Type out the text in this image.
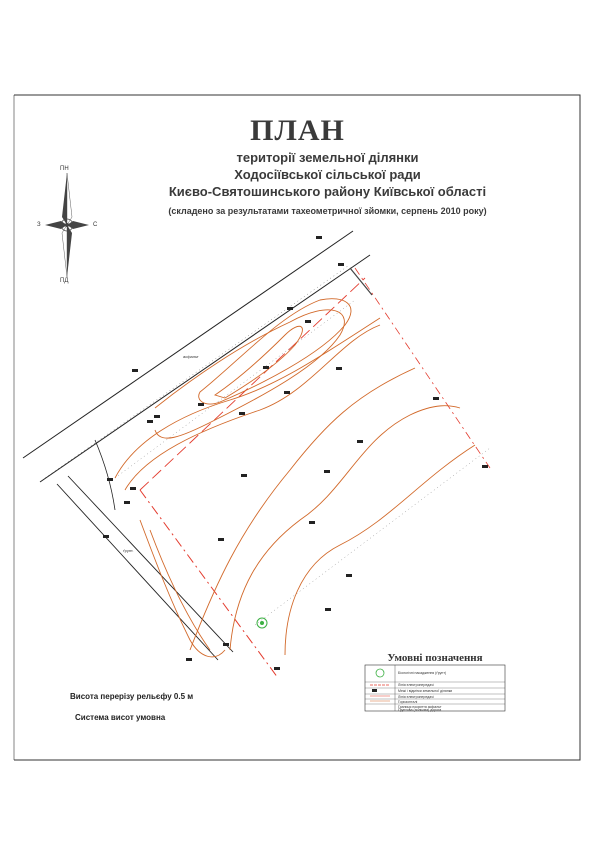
ПЛАН
території земельної ділянки
Ходосіївської сільської ради
Києво-Святошинського району Київської області
(складено за результатами тахеометричної зйомки, серпень 2010 року)
ПН
ПД
З	С
асфальт
ґрунт.
Висота перерізу рельєфу 0.5 м
Система висот умовна
Умовні позначення
Біологічні насадження (ґрунт)
Лінія електропередачі
Межі і відмітки земельної ділянки
Лінія електропередачі
Горизонталі
Границя покриття асфальт
Ґрунтова (польова) дорога
